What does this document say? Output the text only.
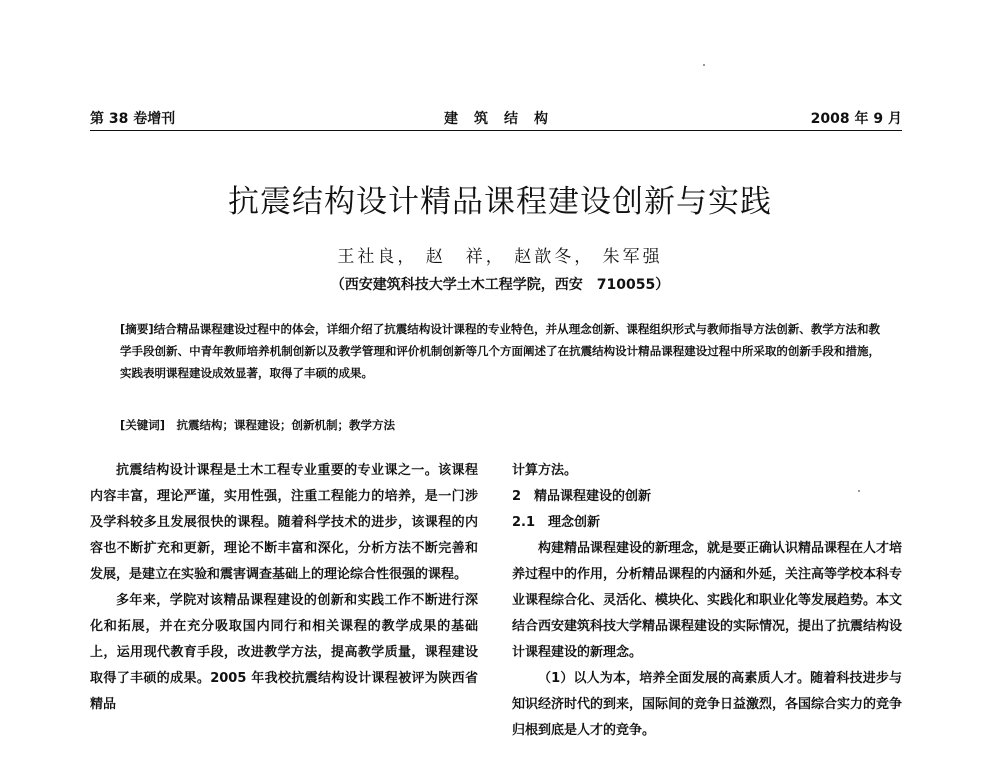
第 38 卷增刊	建筑结构	2008 年 9 月
抗震结构设计精品课程建设创新与实践
王社良， 赵　祥， 赵歆冬， 朱军强
（西安建筑科技大学土木工程学院，西安　710055）
[摘要]结合精品课程建设过程中的体会，详细介绍了抗震结构设计课程的专业特色，并从理念创新、课程组织形式与教师指导方法创新、教学方法和教学手段创新、中青年教师培养机制创新以及教学管理和评价机制创新等几个方面阐述了在抗震结构设计精品课程建设过程中所采取的创新手段和措施，实践表明课程建设成效显著，取得了丰硕的成果。
[关键词]　抗震结构；课程建设；创新机制；教学方法

抗震结构设计课程是土木工程专业重要的专业课之一。该课程内容丰富，理论严谨，实用性强，注重工程能力的培养，是一门涉及学科较多且发展很快的课程。随着科学技术的进步，该课程的内容也不断扩充和更新，理论不断丰富和深化，分析方法不断完善和发展，是建立在实验和震害调查基础上的理论综合性很强的课程。

多年来，学院对该精品课程建设的创新和实践工作不断进行深化和拓展，并在充分吸取国内同行和相关课程的教学成果的基础上，运用现代教育手段，改进教学方法，提高教学质量，课程建设取得了丰硕的成果。2005 年我校抗震结构设计课程被评为陕西省精品

计算方法。

2　精品课程建设的创新

2.1　理念创新

构建精品课程建设的新理念，就是要正确认识精品课程在人才培养过程中的作用，分析精品课程的内涵和外延，关注高等学校本科专业课程综合化、灵活化、模块化、实践化和职业化等发展趋势。本文结合西安建筑科技大学精品课程建设的实际情况，提出了抗震结构设计课程建设的新理念。

（1）以人为本，培养全面发展的高素质人才。随着科技进步与知识经济时代的到来，国际间的竞争日益激烈，各国综合实力的竞争归根到底是人才的竞争。
